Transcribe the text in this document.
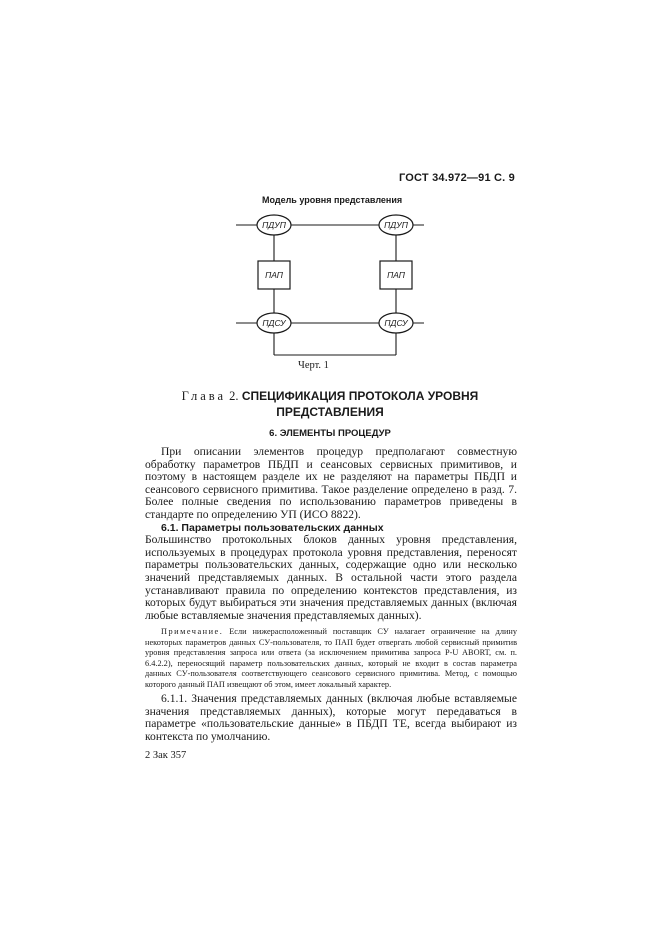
ГОСТ 34.972—91 С. 9
Модель уровня представления
ПДУП	ПДУП
ПАП	ПАП
ПДСУ	ПДСУ
Черт. 1
Глава 2. СПЕЦИФИКАЦИЯ ПРОТОКОЛА УРОВНЯ
ПРЕДСТАВЛЕНИЯ
6. ЭЛЕМЕНТЫ ПРОЦЕДУР

При описании элементов процедур предполагают совместную обработку параметров ПБДП и сеансовых сервисных примитивов, и поэтому в настоящем разделе их не разделяют на параметры ПБДП и сеансового сервисного примитива. Такое разделение определено в разд. 7. Более полные сведения по использованию параметров приведены в стандарте по определению УП (ИСО 8822).

6.1. Параметры пользовательских данных

Большинство протокольных блоков данных уровня представления, используемых в процедурах протокола уровня представления, переносят параметры пользовательских данных, содержащие одно или несколько значений представляемых данных. В остальной части этого раздела устанавливают правила по определению контекстов представления, из которых будут выбираться эти значения представляемых данных (включая любые вставляемые значения представляемых данных).

Примечание. Если нижерасположенный поставщик СУ налагает ограничение на длину некоторых параметров данных СУ-пользователя, то ПАП будет отвергать любой сервисный примитив уровня представления запроса или ответа (за исключением примитива запроса P-U ABORT, см. п. 6.4.2.2), переносящий параметр пользовательских данных, который не входит в состав параметра данных СУ-пользователя соответствующего сеансового сервисного примитива. Метод, с помощью которого данный ПАП извещают об этом, имеет локальный характер.

6.1.1. Значения представляемых данных (включая любые вставляемые значения представляемых данных), которые могут передаваться в параметре «пользовательские данные» в ПБДП TE, всегда выбирают из контекста по умолчанию.

2 Зак 357
